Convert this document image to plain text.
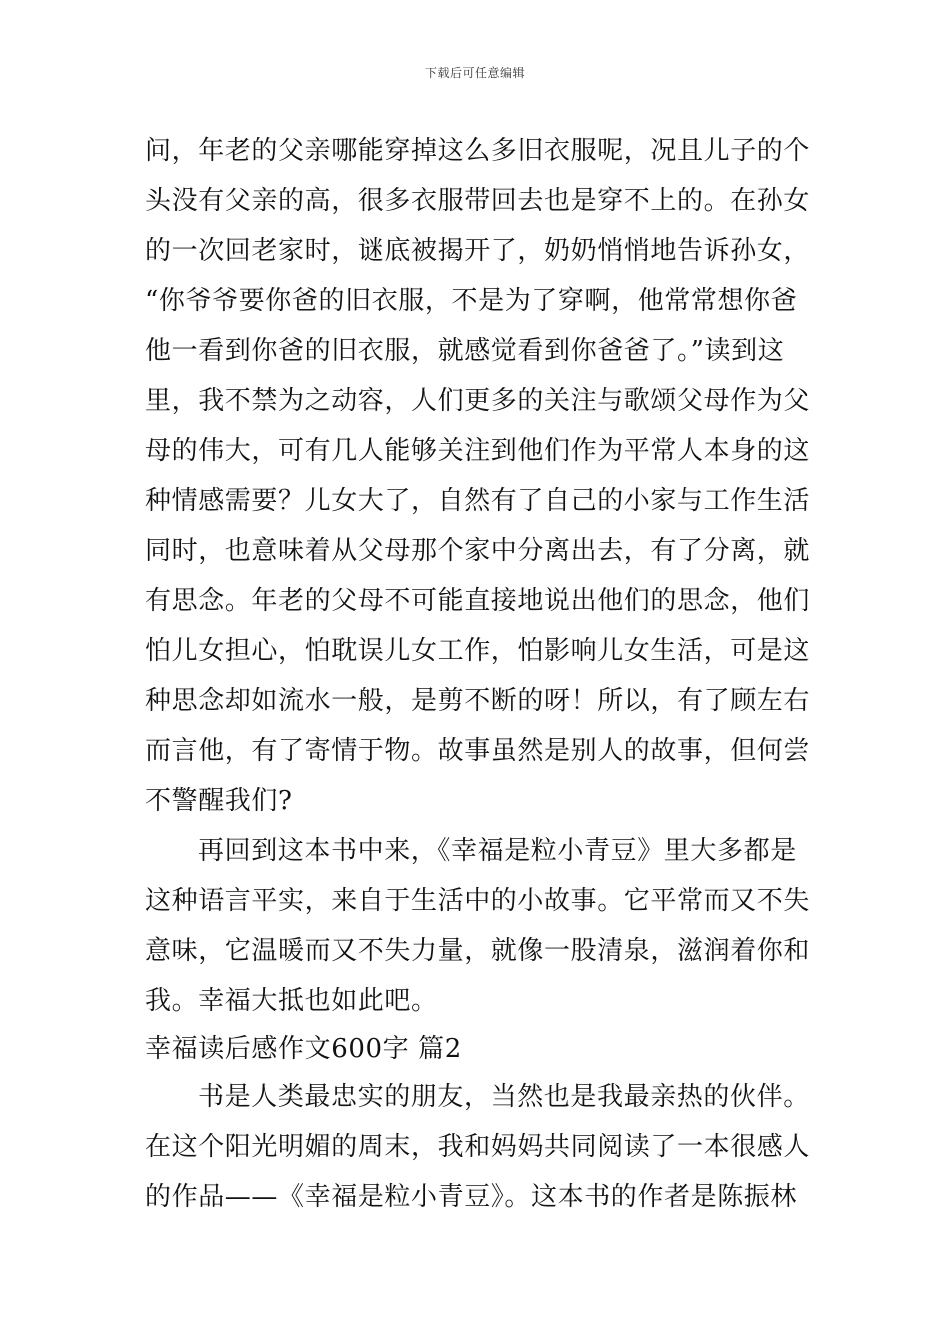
下载后可任意编辑
问，年老的父亲哪能穿掉这么多旧衣服呢，况且儿子的个
头没有父亲的高，很多衣服带回去也是穿不上的。在孙女
的一次回老家时，谜底被揭开了，奶奶悄悄地告诉孙女，
“你爷爷要你爸的旧衣服，不是为了穿啊，他常常想你爸
他一看到你爸的旧衣服，就感觉看到你爸爸了。”读到这
里，我不禁为之动容，人们更多的关注与歌颂父母作为父
母的伟大，可有几人能够关注到他们作为平常人本身的这
种情感需要？儿女大了，自然有了自己的小家与工作生活
同时，也意味着从父母那个家中分离出去，有了分离，就
有思念。年老的父母不可能直接地说出他们的思念，他们
怕儿女担心，怕耽误儿女工作，怕影响儿女生活，可是这
种思念却如流水一般，是剪不断的呀！所以，有了顾左右
而言他，有了寄情于物。故事虽然是别人的故事，但何尝
不警醒我们?
再回到这本书中来，《幸福是粒小青豆》里大多都是
这种语言平实，来自于生活中的小故事。它平常而又不失
意味，它温暖而又不失力量，就像一股清泉，滋润着你和
我。幸福大抵也如此吧。
幸福读后感作文600字 篇2
书是人类最忠实的朋友，当然也是我最亲热的伙伴。
在这个阳光明媚的周末，我和妈妈共同阅读了一本很感人
的作品——《幸福是粒小青豆》。这本书的作者是陈振林
